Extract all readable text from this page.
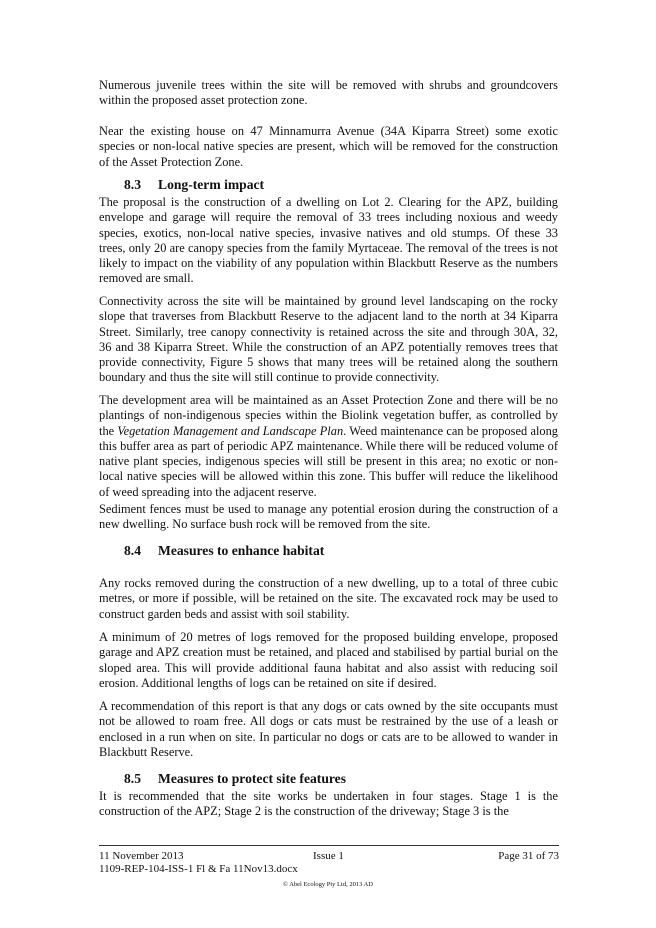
Numerous juvenile trees within the site will be removed with shrubs and groundcovers within the proposed asset protection zone.

Near the existing house on 47 Minnamurra Avenue (34A Kiparra Street) some exotic species or non-local native species are present, which will be removed for the construction of the Asset Protection Zone.

8.3 Long-term impact

The proposal is the construction of a dwelling on Lot 2. Clearing for the APZ, building envelope and garage will require the removal of 33 trees including noxious and weedy species, exotics, non-local native species, invasive natives and old stumps. Of these 33 trees, only 20 are canopy species from the family Myrtaceae. The removal of the trees is not likely to impact on the viability of any population within Blackbutt Reserve as the numbers removed are small.

Connectivity across the site will be maintained by ground level landscaping on the rocky slope that traverses from Blackbutt Reserve to the adjacent land to the north at 34 Kiparra Street. Similarly, tree canopy connectivity is retained across the site and through 30A, 32, 36 and 38 Kiparra Street. While the construction of an APZ potentially removes trees that provide connectivity, Figure 5 shows that many trees will be retained along the southern boundary and thus the site will still continue to provide connectivity.

The development area will be maintained as an Asset Protection Zone and there will be no plantings of non-indigenous species within the Biolink vegetation buffer, as controlled by the Vegetation Management and Landscape Plan. Weed maintenance can be proposed along this buffer area as part of periodic APZ maintenance. While there will be reduced volume of native plant species, indigenous species will still be present in this area; no exotic or non-local native species will be allowed within this zone. This buffer will reduce the likelihood of weed spreading into the adjacent reserve.

Sediment fences must be used to manage any potential erosion during the construction of a new dwelling. No surface bush rock will be removed from the site.

8.4 Measures to enhance habitat

Any rocks removed during the construction of a new dwelling, up to a total of three cubic metres, or more if possible, will be retained on the site. The excavated rock may be used to construct garden beds and assist with soil stability.

A minimum of 20 metres of logs removed for the proposed building envelope, proposed garage and APZ creation must be retained, and placed and stabilised by partial burial on the sloped area. This will provide additional fauna habitat and also assist with reducing soil erosion. Additional lengths of logs can be retained on site if desired.

A recommendation of this report is that any dogs or cats owned by the site occupants must not be allowed to roam free. All dogs or cats must be restrained by the use of a leash or enclosed in a run when on site. In particular no dogs or cats are to be allowed to wander in Blackbutt Reserve.

8.5 Measures to protect site features

It is recommended that the site works be undertaken in four stages. Stage 1 is the construction of the APZ; Stage 2 is the construction of the driveway; Stage 3 is the

11 November 2013	Issue 1	Page 31 of 73

1109-REP-104-ISS-1 Fl & Fa 11Nov13.docx

© Abel Ecology Pty Ltd, 2013 AD
